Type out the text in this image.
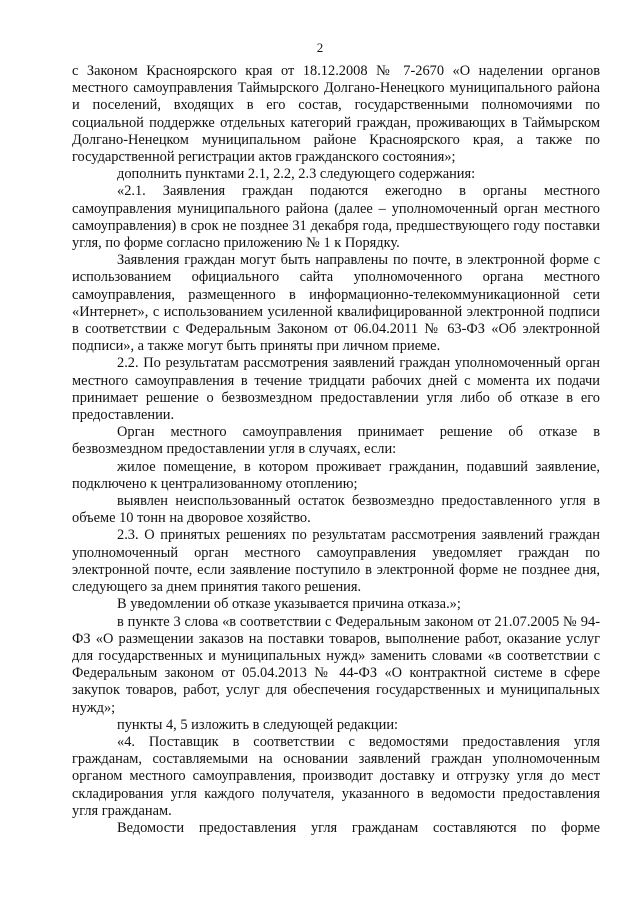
2

с Законом Красноярского края от 18.12.2008 № 7-2670 «О наделении органов местного самоуправления Таймырского Долгано-Ненецкого муниципального района и поселений, входящих в его состав, государственными полномочиями по социальной поддержке отдельных категорий граждан, проживающих в Таймырском Долгано-Ненецком муниципальном районе Красноярского края, а также по государственной регистрации актов гражданского состояния»;

дополнить пунктами 2.1, 2.2, 2.3 следующего содержания:

«2.1. Заявления граждан подаются ежегодно в органы местного самоуправления муниципального района (далее – уполномоченный орган местного самоуправления) в срок не позднее 31 декабря года, предшествующего году поставки угля, по форме согласно приложению № 1 к Порядку.

Заявления граждан могут быть направлены по почте, в электронной форме с использованием официального сайта уполномоченного органа местного самоуправления, размещенного в информационно-телекоммуникационной сети «Интернет», с использованием усиленной квалифицированной электронной подписи в соответствии с Федеральным Законом от 06.04.2011 № 63-ФЗ «Об электронной подписи», а также могут быть приняты при личном приеме.

2.2. По результатам рассмотрения заявлений граждан уполномоченный орган местного самоуправления в течение тридцати рабочих дней с момента их подачи принимает решение о безвозмездном предоставлении угля либо об отказе в его предоставлении.

Орган местного самоуправления принимает решение об отказе в безвозмездном предоставлении угля в случаях, если:

жилое помещение, в котором проживает гражданин, подавший заявление, подключено к централизованному отоплению;

выявлен неиспользованный остаток безвозмездно предоставленного угля в объеме 10 тонн на дворовое хозяйство.

2.3. О принятых решениях по результатам рассмотрения заявлений граждан уполномоченный орган местного самоуправления уведомляет граждан по электронной почте, если заявление поступило в электронной форме не позднее дня, следующего за днем принятия такого решения.

В уведомлении об отказе указывается причина отказа.»;

в пункте 3 слова «в соответствии с Федеральным законом от 21.07.2005 № 94-ФЗ «О размещении заказов на поставки товаров, выполнение работ, оказание услуг для государственных и муниципальных нужд» заменить словами «в соответствии с Федеральным законом от 05.04.2013 № 44-ФЗ «О контрактной системе в сфере закупок товаров, работ, услуг для обеспечения государственных и муниципальных нужд»;

пункты 4, 5 изложить в следующей редакции:

«4. Поставщик в соответствии с ведомостями предоставления угля гражданам, составляемыми на основании заявлений граждан уполномоченным органом местного самоуправления, производит доставку и отгрузку угля до мест складирования угля каждого получателя, указанного в ведомости предоставления угля гражданам.

Ведомости предоставления угля гражданам составляются по форме
